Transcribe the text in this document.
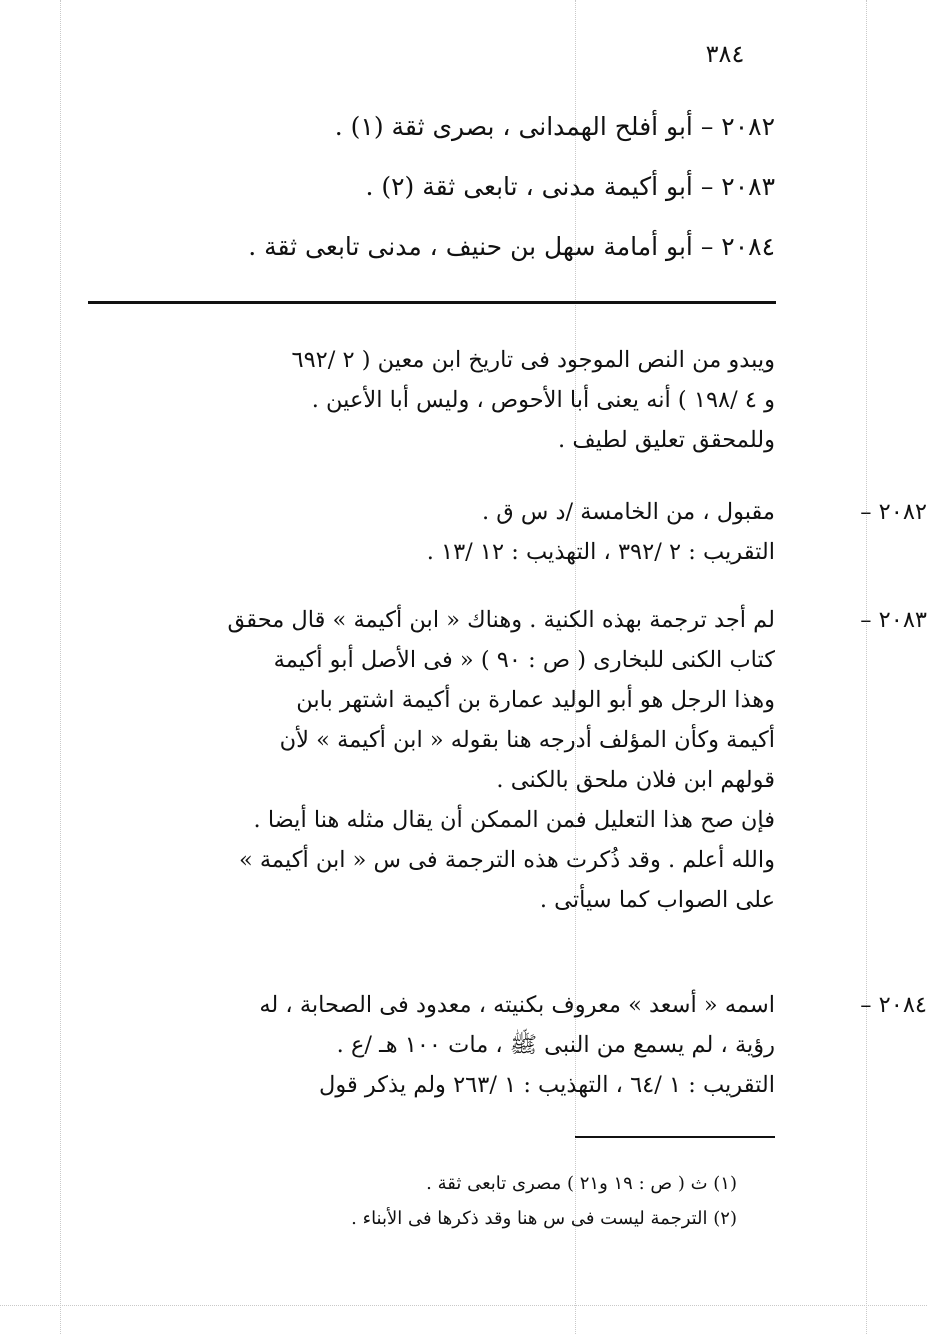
٣٨٤
٢٠٨٢ – أبو أفلح الهمدانى ، بصرى ثقة (١) .
٢٠٨٣ – أبو أكيمة مدنى ، تابعى ثقة (٢) .
٢٠٨٤ – أبو أمامة سهل بن حنيف ، مدنى تابعى ثقة .
ويبدو من النص الموجود فى تاريخ ابن معين ( ٢ /٦٩٢
و ٤ /١٩٨ ) أنه يعنى أبا الأحوص ، وليس أبا الأعين .
وللمحقق تعليق لطيف .
٢٠٨٢ –
مقبول ، من الخامسة /د س ق .
التقريب : ٢ /٣٩٢ ، التهذيب : ١٢ /١٣ .
٢٠٨٣ –
لم أجد ترجمة بهذه الكنية . وهناك « ابن أكيمة » قال محقق
كتاب الكنى للبخارى ( ص : ٩٠ ) « فى الأصل أبو أكيمة
وهذا الرجل هو أبو الوليد عمارة بن أكيمة اشتهر بابن
أكيمة وكأن المؤلف أدرجه هنا بقوله « ابن أكيمة » لأن
قولهم ابن فلان ملحق بالكنى .
فإن صح هذا التعليل فمن الممكن أن يقال مثله هنا أيضا .
والله أعلم . وقد ذُكرت هذه الترجمة فى س « ابن أكيمة »
على الصواب كما سيأتى .
٢٠٨٤ –
اسمه « أسعد » معروف بكنيته ، معدود فى الصحابة ، له
رؤية ، لم يسمع من النبى ﷺ ، مات ١٠٠ هـ /ع .
التقريب : ١ /٦٤ ، التهذيب : ١ /٢٦٣ ولم يذكر قول
(١) ث ( ص : ١٩ و٢١ ) مصرى تابعى ثقة .
(٢) الترجمة ليست فى س هنا وقد ذكرها فى الأبناء .
